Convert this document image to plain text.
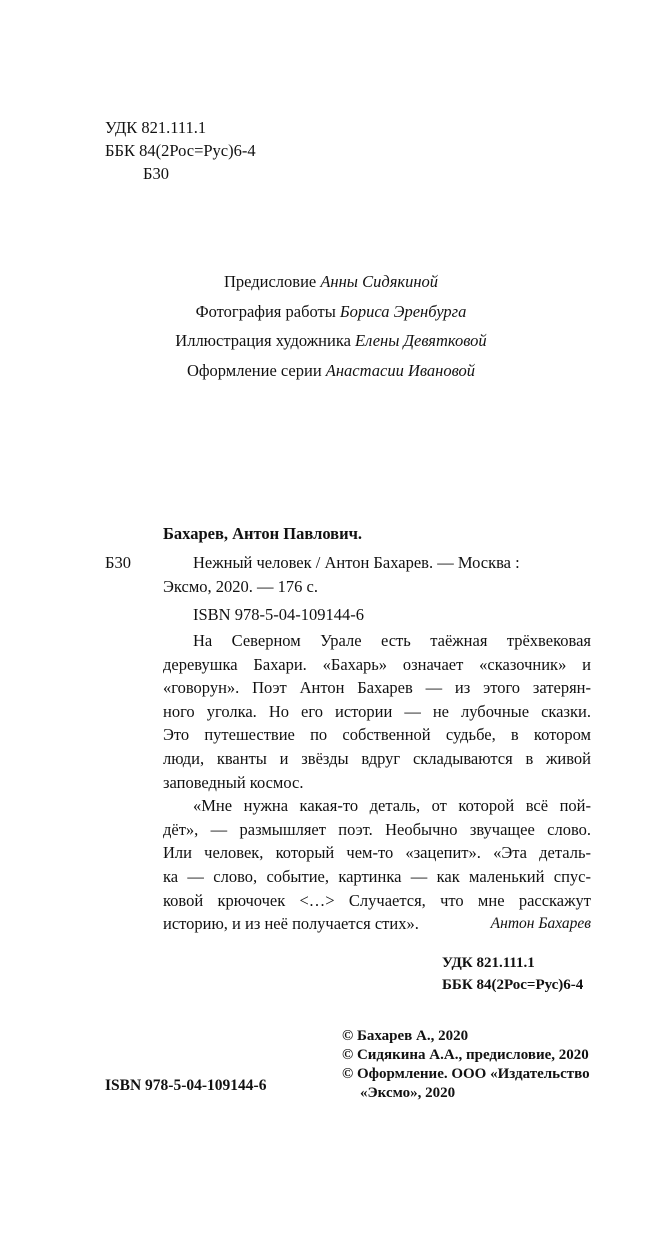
УДК 821.111.1
ББК 84(2Рос=Рус)6-4
Б30
Предисловие Анны Сидякиной
Фотография работы Бориса Эренбурга
Иллюстрация художника Елены Девятковой
Оформление серии Анастасии Ивановой
Бахарев, Антон Павлович.
Б30	Нежный человек / Антон Бахарев. — Москва :
Эксмо, 2020. — 176 с.
ISBN 978-5-04-109144-6
На Северном Урале есть таёжная трёхвековая
деревушка Бахари. «Бахарь» означает «сказочник» и
«говорун». Поэт Антон Бахарев — из этого затерян-
ного уголка. Но его истории — не лубочные сказки.
Это путешествие по собственной судьбе, в котором
люди, кванты и звёзды вдруг складываются в живой
заповедный космос.
«Мне нужна какая-то деталь, от которой всё пой-
дёт», — размышляет поэт. Необычно звучащее слово.
Или человек, который чем-то «зацепит». «Эта деталь-
ка — слово, событие, картинка — как маленький спус-
ковой крючочек <…> Случается, что мне расскажут
историю, и из неё получается стих».	Антон Бахарев
УДК 821.111.1
ББК 84(2Рос=Рус)6-4
ISBN 978-5-04-109144-6
© Бахарев А., 2020
© Сидякина А.А., предисловие, 2020
© Оформление. ООО «Издательство
«Эксмо», 2020
